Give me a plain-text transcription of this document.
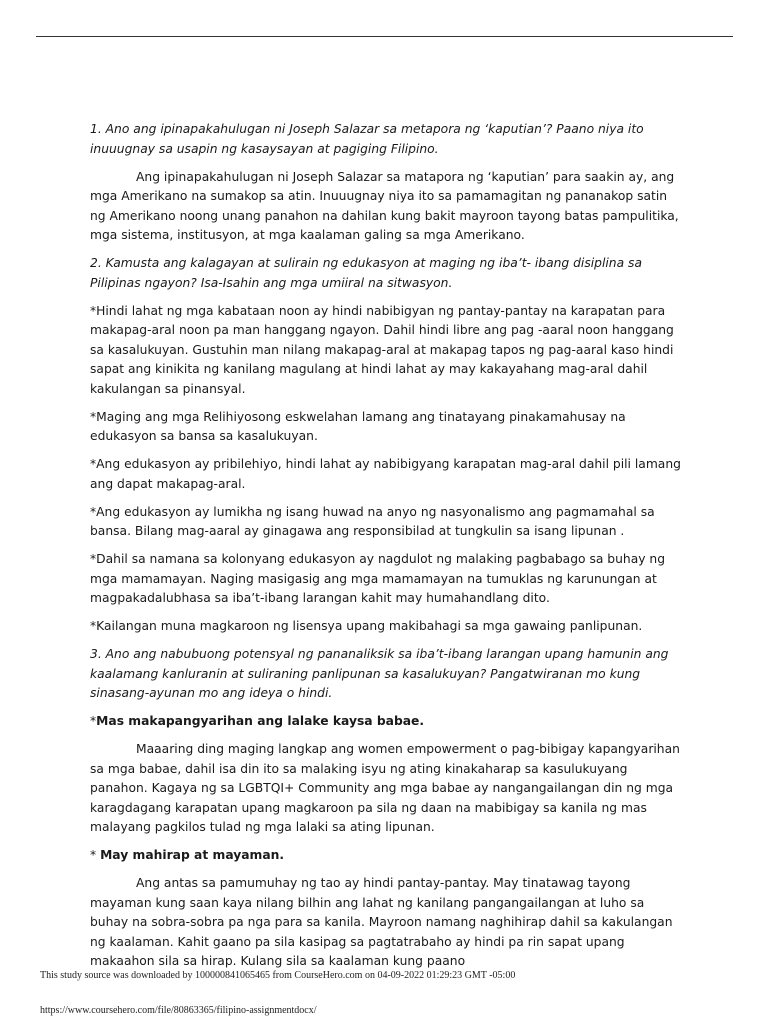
1. Ano ang ipinapakahulugan ni Joseph Salazar sa metapora ng ‘kaputian’? Paano niya ito inuuugnay sa usapin ng kasaysayan at pagiging Filipino.

Ang ipinapakahulugan ni Joseph Salazar sa matapora ng ‘kaputian’ para saakin ay, ang mga Amerikano na sumakop sa atin. Inuuugnay niya ito sa pamamagitan ng pananakop satin ng Amerikano noong unang panahon na dahilan kung bakit mayroon tayong batas pampulitika, mga sistema, institusyon, at mga kaalaman galing sa mga Amerikano.

2. Kamusta ang kalagayan at sulirain ng edukasyon at maging ng iba’t- ibang disiplina sa Pilipinas ngayon? Isa-Isahin ang mga umiiral na sitwasyon.

*Hindi lahat ng mga kabataan noon ay hindi nabibigyan ng pantay-pantay na karapatan para makapag-aral noon pa man hanggang ngayon. Dahil hindi libre ang pag -aaral noon hanggang sa kasalukuyan. Gustuhin man nilang makapag-aral at makapag tapos ng pag-aaral kaso hindi sapat ang kinikita ng kanilang magulang at hindi lahat ay may kakayahang mag-aral dahil kakulangan sa pinansyal.

*Maging ang mga Relihiyosong eskwelahan lamang ang tinatayang pinakamahusay na edukasyon sa bansa sa kasalukuyan.

*Ang edukasyon ay pribilehiyo, hindi lahat ay nabibigyang karapatan mag-aral dahil pili lamang ang dapat makapag-aral.

*Ang edukasyon ay lumikha ng isang huwad na anyo ng nasyonalismo ang pagmamahal sa bansa. Bilang mag-aaral ay ginagawa ang responsibilad at tungkulin sa isang lipunan .

*Dahil sa namana sa kolonyang edukasyon ay nagdulot ng malaking pagbabago sa buhay ng mga mamamayan. Naging masigasig ang mga mamamayan na tumuklas ng karunungan at magpakadalubhasa sa iba’t-ibang larangan kahit may humahandlang dito.

*Kailangan muna magkaroon ng lisensya upang makibahagi sa mga gawaing panlipunan.

3. Ano ang nabubuong potensyal ng pananaliksik sa iba’t-ibang larangan upang hamunin ang kaalamang kanluranin at suliraning panlipunan sa kasalukuyan? Pangatwiranan mo kung sinasang-ayunan mo ang ideya o hindi.

*Mas makapangyarihan ang lalake kaysa babae.

Maaaring ding maging langkap ang women empowerment o pag-bibigay kapangyarihan sa mga babae, dahil isa din ito sa malaking isyu ng ating kinakaharap sa kasulukuyang panahon. Kagaya ng sa LGBTQI+ Community ang mga babae ay nangangailangan din ng mga karagdagang karapatan upang magkaroon pa sila ng daan na mabibigay sa kanila ng mas malayang pagkilos tulad ng mga lalaki sa ating lipunan.

* May mahirap at mayaman.

Ang antas sa pamumuhay ng tao ay hindi pantay-pantay. May tinatawag tayong mayaman kung saan kaya nilang bilhin ang lahat ng kanilang pangangailangan at luho sa buhay na sobra-sobra pa nga para sa kanila. Mayroon namang naghihirap dahil sa kakulangan ng kaalaman. Kahit gaano pa sila kasipag sa pagtatrabaho ay hindi pa rin sapat upang makaahon sila sa hirap. Kulang sila sa kaalaman kung paano

This study source was downloaded by 100000841065465 from CourseHero.com on 04-09-2022 01:29:23 GMT -05:00
https://www.coursehero.com/file/80863365/filipino-assignmentdocx/
